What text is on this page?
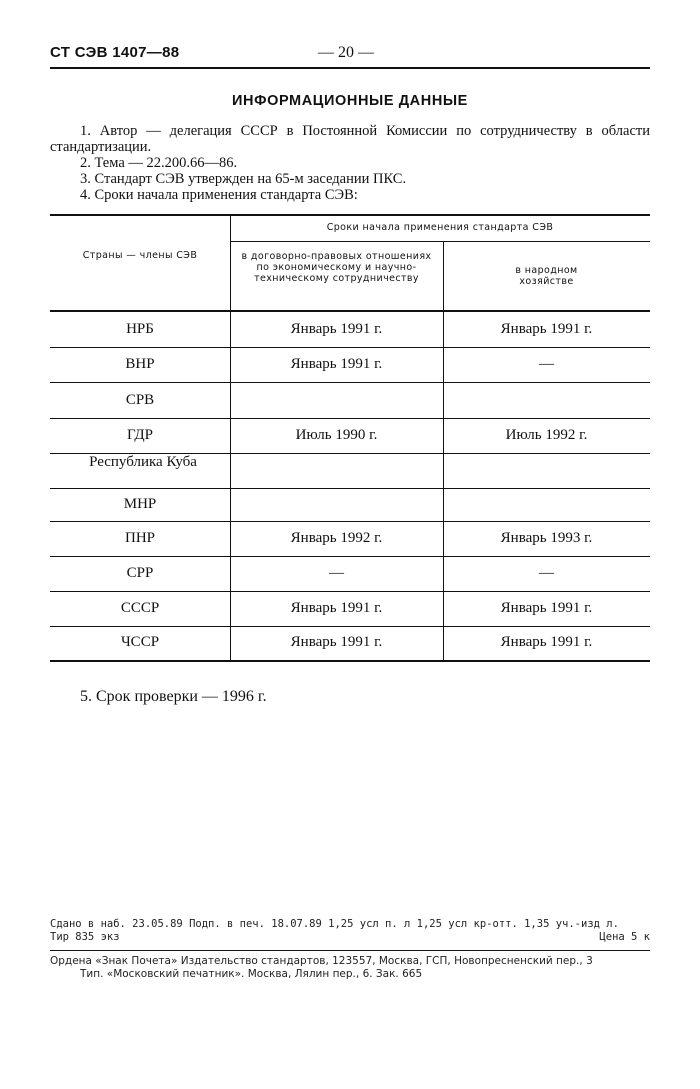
СТ СЭВ 1407—88	— 20 —
ИНФОРМАЦИОННЫЕ ДАННЫЕ

1. Автор — делегация СССР в Постоянной Комиссии по сотрудничеству в области стандартизации.

2. Тема — 22.200.66—86.

3. Стандарт СЭВ утвержден на 65-м заседании ПКС.

4. Сроки начала применения стандарта СЭВ:

Страны — члены СЭВ
Сроки начала применения стандарта СЭВ
в договорно-правовых отношениях по экономическому и научно-техническому сотрудничеству
в народном хозяйстве
НРБ	Январь 1991 г.	Январь 1991 г.
ВНР	Январь 1991 г.	—
СРВ
ГДР	Июль 1990 г.	Июль 1992 г.
Республика Куба
МНР
ПНР	Январь 1992 г.	Январь 1993 г.
СРР	—	—
СССР	Январь 1991 г.	Январь 1991 г.
ЧССР	Январь 1991 г.	Январь 1991 г.
5. Срок проверки — 1996 г.
Сдано в наб. 23.05.89 Подп. в печ. 18.07.89 1,25 усл п. л 1,25 усл кр-отт. 1,35 уч.-изд л.
Тир 835 экз	Цена 5 к
Ордена «Знак Почета» Издательство стандартов, 123557, Москва, ГСП, Новопресненский пер., 3
Тип. «Московский печатник». Москва, Лялин пер., 6. Зак. 665
